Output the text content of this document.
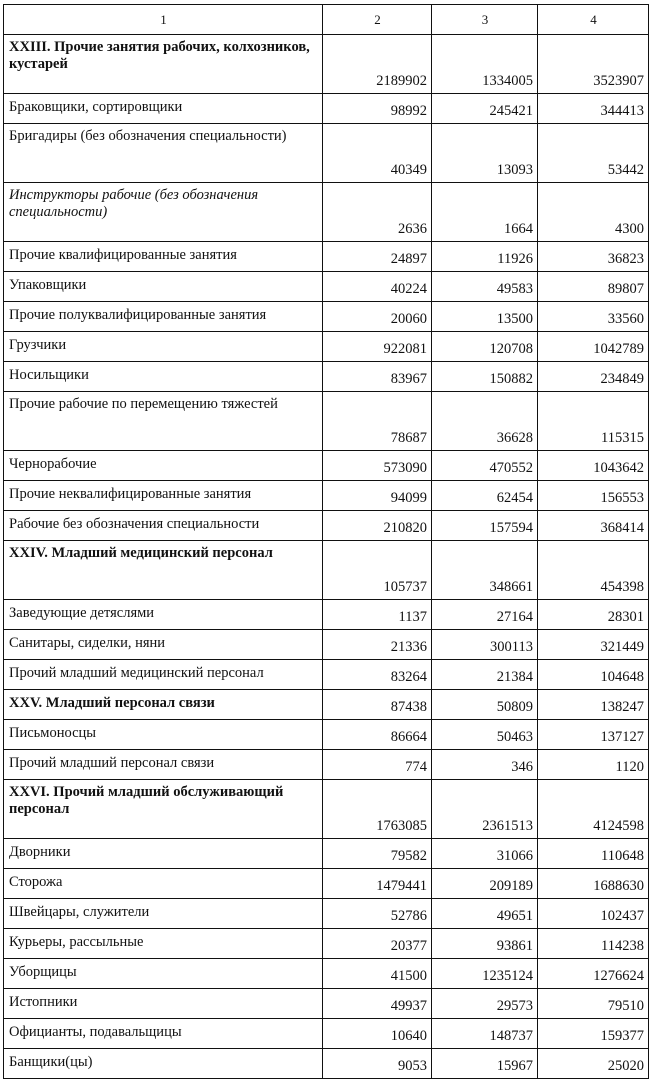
1	2	3	4
XXIII. Прочие занятия рабочих, колхозников, кустарей	2189902	1334005	3523907
Браковщики, сортировщики	98992	245421	344413
Бригадиры (без обозначения специальности)	40349	13093	53442
Инструкторы рабочие (без обозначения специальности)	2636	1664	4300
Прочие квалифицированные занятия	24897	11926	36823
Упаковщики	40224	49583	89807
Прочие полуквалифицированные занятия	20060	13500	33560
Грузчики	922081	120708	1042789
Носильщики	83967	150882	234849
Прочие рабочие по перемещению тяжестей	78687	36628	115315
Чернорабочие	573090	470552	1043642
Прочие неквалифицированные занятия	94099	62454	156553
Рабочие без обозначения специальности	210820	157594	368414
XXIV. Младший медицинский персонал	105737	348661	454398
Заведующие детяслями	1137	27164	28301
Санитары, сиделки, няни	21336	300113	321449
Прочий младший медицинский персонал	83264	21384	104648
XXV. Младший персонал связи	87438	50809	138247
Письмоносцы	86664	50463	137127
Прочий младший персонал связи	774	346	1120
XXVI. Прочий младший обслуживающий персонал	1763085	2361513	4124598
Дворники	79582	31066	110648
Сторожа	1479441	209189	1688630
Швейцары, служители	52786	49651	102437
Курьеры, рассыльные	20377	93861	114238
Уборщицы	41500	1235124	1276624
Истопники	49937	29573	79510
Официанты, подавальщицы	10640	148737	159377
Банщики(цы)	9053	15967	25020
